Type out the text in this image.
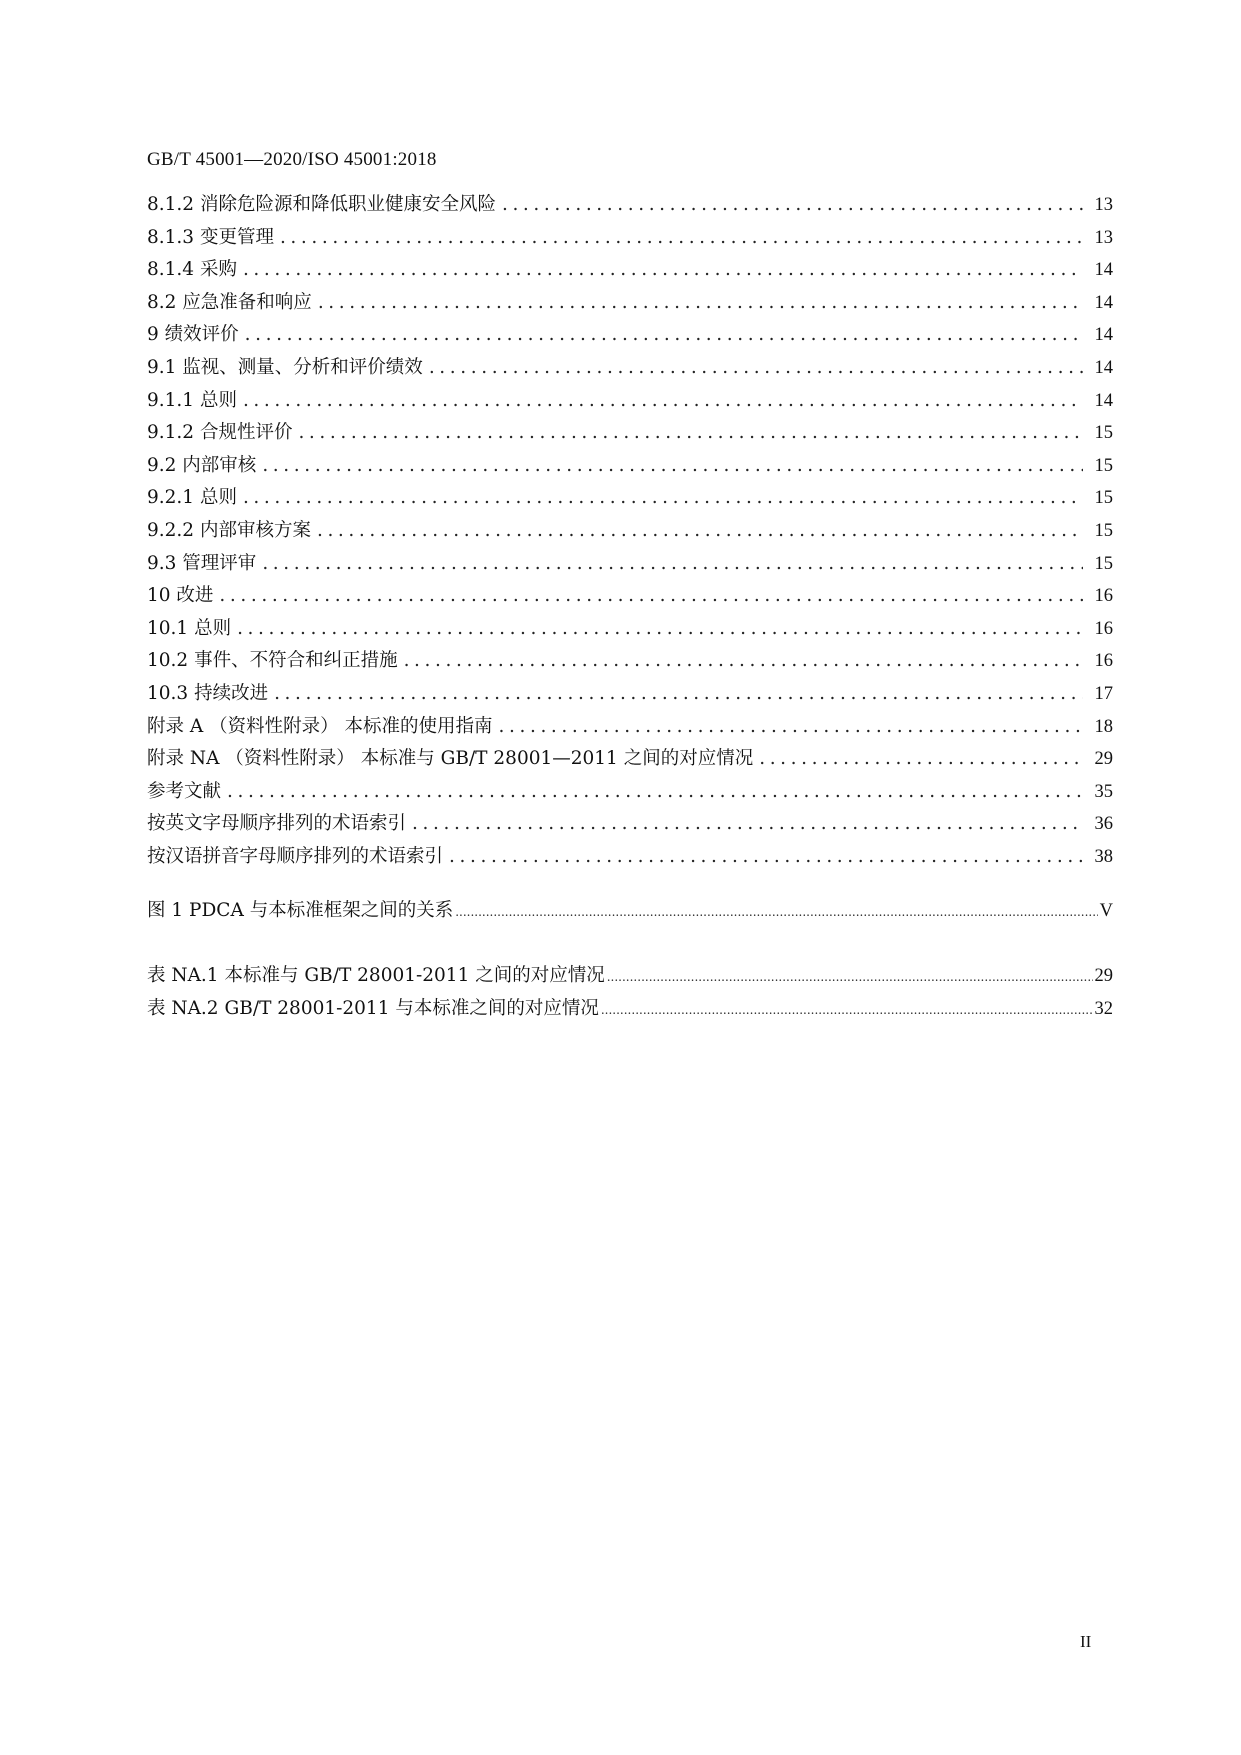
GB/T 45001—2020/ISO 45001:2018
8.1.2 消除危险源和降低职业健康安全风险 .....	13
8.1.3 变更管理 .....	13
8.1.4 采购 .....	14
8.2 应急准备和响应 .....	14
9 绩效评价 .....	14
9.1 监视、测量、分析和评价绩效 .....	14
9.1.1 总则 .....	14
9.1.2 合规性评价 .....	15
9.2 内部审核 .....	15
9.2.1 总则 .....	15
9.2.2 内部审核方案 .....	15
9.3 管理评审 .....	15
10 改进 .....	16
10.1 总则 .....	16
10.2 事件、不符合和纠正措施 .....	16
10.3 持续改进 .....	17
附录 A （资料性附录） 本标准的使用指南 .....	18
附录 NA （资料性附录） 本标准与 GB/T 28001—2011 之间的对应情况 .....	29
参考文献 .....	35
按英文字母顺序排列的术语索引 .....	36
按汉语拼音字母顺序排列的术语索引 .....	38
图 1 PDCA 与本标准框架之间的关系 .....	V
表 NA.1 本标准与 GB/T 28001-2011 之间的对应情况 .....	29
表 NA.2 GB/T 28001-2011 与本标准之间的对应情况 .....	32
II
